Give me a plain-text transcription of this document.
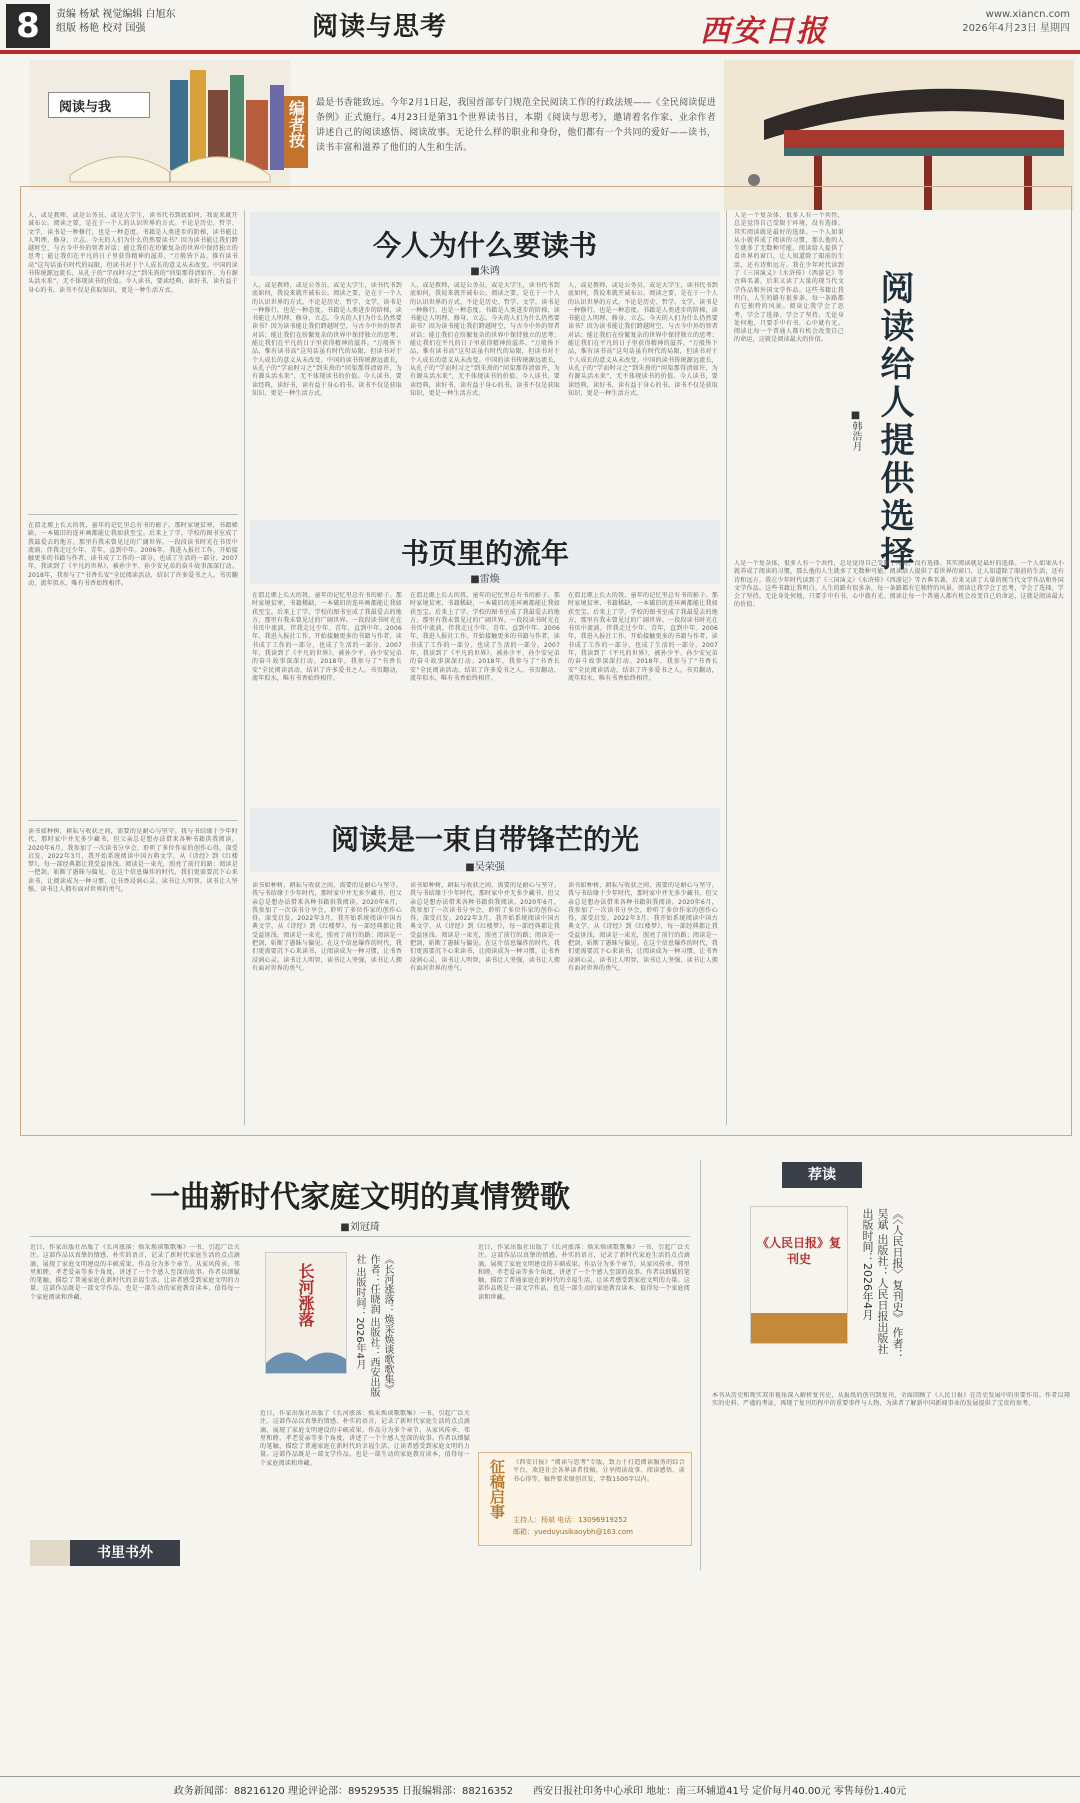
8	责编 杨斌 视觉编辑 白旭东
组版 杨艳 校对 国强	阅读与思考	西安日报	www.xiancn.com
2026年4月23日 星期四
阅读与我	编者按 最是书香能致远。今年2月1日起，我国首部专门规范全民阅读工作的行政法规——《全民阅读促进条例》正式施行。4月23日是第31个世界读书日，本期《阅读与思考》，邀请着名作家、业余作者讲述自己的阅读感悟、阅读故事。无论什么样的职业和身份，他们都有一个共同的爱好——读书，读书丰富和滋养了他们的人生和生活。
人，或是教师，或是公务员，或是大学生，读书代书到底如何，我说来就开诚布公。阅读之要，是在于一个人的认识世界的方式。不论是历史、哲学、文学，读书是一种修行，也是一种态度。书籍是人类进步的阶梯，读书能让人明理、修身、立志。今天的人们为什么仍然要读书？因为读书能让我们跨越时空，与古今中外的智者对话；能让我们在纷繁复杂的世界中保持独立的思考；能让我们在平凡的日子里获得精神的滋养。“万般皆下品，惟有读书高”这句话虽有时代的局限，但读书对于个人成长的意义从未改变。中国的读书传统源远流长，从孔子的“学而时习之”到朱熹的“问渠那得清如许，为有源头活水来”，无不体现读书的价值。今人读书，要读经典，读好书，读有益于身心的书。读书不仅是获取知识，更是一种生活方式。
在渭北塬上长大的我，童年的记忆里总有书的影子。那时家境贫寒，书籍稀缺，一本破旧的连环画都能让我如获至宝。后来上了学，学校的图书室成了我最爱去的地方，那里有我未曾见过的广阔世界。一段段读书时光在书页中流淌，伴我走过少年、青年，直到中年。2006年，我进入报社工作，开始接触更多的书籍与作者，读书成了工作的一部分，也成了生活的一部分。2007年，我读到了《平凡的世界》，被孙少平、孙少安兄弟的奋斗故事深深打动。2018年，我参与了“书香长安”全民阅读活动，结识了许多爱书之人。书页翻动，流年似水，唯有书香始终相伴。
读书如种树，耕耘与收获之间，需要的是耐心与坚守。我与书结缘于少年时代，那时家中并无多少藏书，但父亲总是想办法借来各种书籍供我阅读。2020年6月，我参加了一次读书分享会，聆听了多位作家的创作心得，深受启发。2022年3月，我开始系统阅读中国古典文学，从《诗经》到《红楼梦》，每一部经典都让我受益匪浅。阅读是一束光，照亮了前行的路；阅读是一把剑，斩断了愚昧与偏见。在这个信息爆炸的时代，我们更需要沉下心来读书，让阅读成为一种习惯，让书香浸润心灵。读书让人明智，读书让人坚强，读书让人拥有面对世界的勇气。
今人为什么要读书
■朱鸿
人，或是教师，或是公务员，或是大学生，读书代书到底如何，我说来就开诚布公。阅读之要，是在于一个人的认识世界的方式。不论是历史、哲学、文学，读书是一种修行，也是一种态度。书籍是人类进步的阶梯，读书能让人明理、修身、立志。今天的人们为什么仍然要读书？因为读书能让我们跨越时空，与古今中外的智者对话；能让我们在纷繁复杂的世界中保持独立的思考；能让我们在平凡的日子里获得精神的滋养。“万般皆下品，惟有读书高”这句话虽有时代的局限，但读书对于个人成长的意义从未改变。中国的读书传统源远流长，从孔子的“学而时习之”到朱熹的“问渠那得清如许，为有源头活水来”，无不体现读书的价值。今人读书，要读经典，读好书，读有益于身心的书。读书不仅是获取知识，更是一种生活方式。
人，或是教师，或是公务员，或是大学生，读书代书到底如何，我说来就开诚布公。阅读之要，是在于一个人的认识世界的方式。不论是历史、哲学、文学，读书是一种修行，也是一种态度。书籍是人类进步的阶梯，读书能让人明理、修身、立志。今天的人们为什么仍然要读书？因为读书能让我们跨越时空，与古今中外的智者对话；能让我们在纷繁复杂的世界中保持独立的思考；能让我们在平凡的日子里获得精神的滋养。“万般皆下品，惟有读书高”这句话虽有时代的局限，但读书对于个人成长的意义从未改变。中国的读书传统源远流长，从孔子的“学而时习之”到朱熹的“问渠那得清如许，为有源头活水来”，无不体现读书的价值。今人读书，要读经典，读好书，读有益于身心的书。读书不仅是获取知识，更是一种生活方式。
人，或是教师，或是公务员，或是大学生，读书代书到底如何，我说来就开诚布公。阅读之要，是在于一个人的认识世界的方式。不论是历史、哲学、文学，读书是一种修行，也是一种态度。书籍是人类进步的阶梯，读书能让人明理、修身、立志。今天的人们为什么仍然要读书？因为读书能让我们跨越时空，与古今中外的智者对话；能让我们在纷繁复杂的世界中保持独立的思考；能让我们在平凡的日子里获得精神的滋养。“万般皆下品，惟有读书高”这句话虽有时代的局限，但读书对于个人成长的意义从未改变。中国的读书传统源远流长，从孔子的“学而时习之”到朱熹的“问渠那得清如许，为有源头活水来”，无不体现读书的价值。今人读书，要读经典，读好书，读有益于身心的书。读书不仅是获取知识，更是一种生活方式。
书页里的流年
■雷焕
在渭北塬上长大的我，童年的记忆里总有书的影子。那时家境贫寒，书籍稀缺，一本破旧的连环画都能让我如获至宝。后来上了学，学校的图书室成了我最爱去的地方，那里有我未曾见过的广阔世界。一段段读书时光在书页中流淌，伴我走过少年、青年，直到中年。2006年，我进入报社工作，开始接触更多的书籍与作者，读书成了工作的一部分，也成了生活的一部分。2007年，我读到了《平凡的世界》，被孙少平、孙少安兄弟的奋斗故事深深打动。2018年，我参与了“书香长安”全民阅读活动，结识了许多爱书之人。书页翻动，流年似水，唯有书香始终相伴。
在渭北塬上长大的我，童年的记忆里总有书的影子。那时家境贫寒，书籍稀缺，一本破旧的连环画都能让我如获至宝。后来上了学，学校的图书室成了我最爱去的地方，那里有我未曾见过的广阔世界。一段段读书时光在书页中流淌，伴我走过少年、青年，直到中年。2006年，我进入报社工作，开始接触更多的书籍与作者，读书成了工作的一部分，也成了生活的一部分。2007年，我读到了《平凡的世界》，被孙少平、孙少安兄弟的奋斗故事深深打动。2018年，我参与了“书香长安”全民阅读活动，结识了许多爱书之人。书页翻动，流年似水，唯有书香始终相伴。
在渭北塬上长大的我，童年的记忆里总有书的影子。那时家境贫寒，书籍稀缺，一本破旧的连环画都能让我如获至宝。后来上了学，学校的图书室成了我最爱去的地方，那里有我未曾见过的广阔世界。一段段读书时光在书页中流淌，伴我走过少年、青年，直到中年。2006年，我进入报社工作，开始接触更多的书籍与作者，读书成了工作的一部分，也成了生活的一部分。2007年，我读到了《平凡的世界》，被孙少平、孙少安兄弟的奋斗故事深深打动。2018年，我参与了“书香长安”全民阅读活动，结识了许多爱书之人。书页翻动，流年似水，唯有书香始终相伴。
阅读是一束自带锋芒的光
■吴荣强
读书如种树，耕耘与收获之间，需要的是耐心与坚守。我与书结缘于少年时代，那时家中并无多少藏书，但父亲总是想办法借来各种书籍供我阅读。2020年6月，我参加了一次读书分享会，聆听了多位作家的创作心得，深受启发。2022年3月，我开始系统阅读中国古典文学，从《诗经》到《红楼梦》，每一部经典都让我受益匪浅。阅读是一束光，照亮了前行的路；阅读是一把剑，斩断了愚昧与偏见。在这个信息爆炸的时代，我们更需要沉下心来读书，让阅读成为一种习惯，让书香浸润心灵。读书让人明智，读书让人坚强，读书让人拥有面对世界的勇气。
读书如种树，耕耘与收获之间，需要的是耐心与坚守。我与书结缘于少年时代，那时家中并无多少藏书，但父亲总是想办法借来各种书籍供我阅读。2020年6月，我参加了一次读书分享会，聆听了多位作家的创作心得，深受启发。2022年3月，我开始系统阅读中国古典文学，从《诗经》到《红楼梦》，每一部经典都让我受益匪浅。阅读是一束光，照亮了前行的路；阅读是一把剑，斩断了愚昧与偏见。在这个信息爆炸的时代，我们更需要沉下心来读书，让阅读成为一种习惯，让书香浸润心灵。读书让人明智，读书让人坚强，读书让人拥有面对世界的勇气。
读书如种树，耕耘与收获之间，需要的是耐心与坚守。我与书结缘于少年时代，那时家中并无多少藏书，但父亲总是想办法借来各种书籍供我阅读。2020年6月，我参加了一次读书分享会，聆听了多位作家的创作心得，深受启发。2022年3月，我开始系统阅读中国古典文学，从《诗经》到《红楼梦》，每一部经典都让我受益匪浅。阅读是一束光，照亮了前行的路；阅读是一把剑，斩断了愚昧与偏见。在这个信息爆炸的时代，我们更需要沉下心来读书，让阅读成为一种习惯，让书香浸润心灵。读书让人明智，读书让人坚强，读书让人拥有面对世界的勇气。
人是一个复杂体，很多人有一个共性，总是觉得自己受限于环境，没有选择。其实阅读就是最好的选择。一个人如果从小就养成了阅读的习惯，那么他的人生就多了无数种可能。阅读给人提供了看世界的窗口，让人知道除了眼前的生活，还有诗和远方。我在少年时代读到了《三国演义》《水浒传》《西游记》等古典名著，后来又读了大量的现当代文学作品和外国文学作品。这些书籍让我明白，人生的路有很多条，每一条路都有它独特的风景。阅读让我学会了思考，学会了选择，学会了坚持。无论身处何地，只要手中有书，心中就有光。阅读让每一个普通人都有机会改变自己的命运，这就是阅读最大的价值。	阅读给人提供选择
■韩浩月
人是一个复杂体，很多人有一个共性，总是觉得自己受限于环境，没有选择。其实阅读就是最好的选择。一个人如果从小就养成了阅读的习惯，那么他的人生就多了无数种可能。阅读给人提供了看世界的窗口，让人知道除了眼前的生活，还有诗和远方。我在少年时代读到了《三国演义》《水浒传》《西游记》等古典名著，后来又读了大量的现当代文学作品和外国文学作品。这些书籍让我明白，人生的路有很多条，每一条路都有它独特的风景。阅读让我学会了思考，学会了选择，学会了坚持。无论身处何地，只要手中有书，心中就有光。阅读让每一个普通人都有机会改变自己的命运，这就是阅读最大的价值。
一曲新时代家庭文明的真情赞歌
■刘冠琦
近日，作家出版社出版了《长河涨落：焕采焕谈歌歌集》一书，引起广泛关注。这部作品以真挚的情感、朴实的语言，记录了新时代家庭生活的点点滴滴，展现了家庭文明建设的丰硕成果。作品分为多个章节，从家风传承、邻里和睦、孝老爱亲等多个角度，讲述了一个个感人至深的故事。作者以细腻的笔触，描绘了普通家庭在新时代的幸福生活，让读者感受到家庭文明的力量。这部作品既是一部文学作品，也是一部生动的家庭教育读本，值得每一个家庭阅读和珍藏。	长河涨落	《长河涨落：焕采焕谈歌歌集》 作者：任晓润 出版社：西安出版社 出版时间：2026年4月
近日，作家出版社出版了《长河涨落：焕采焕谈歌歌集》一书，引起广泛关注。这部作品以真挚的情感、朴实的语言，记录了新时代家庭生活的点点滴滴，展现了家庭文明建设的丰硕成果。作品分为多个章节，从家风传承、邻里和睦、孝老爱亲等多个角度，讲述了一个个感人至深的故事。作者以细腻的笔触，描绘了普通家庭在新时代的幸福生活，让读者感受到家庭文明的力量。这部作品既是一部文学作品，也是一部生动的家庭教育读本，值得每一个家庭阅读和珍藏。
近日，作家出版社出版了《长河涨落：焕采焕谈歌歌集》一书，引起广泛关注。这部作品以真挚的情感、朴实的语言，记录了新时代家庭生活的点点滴滴，展现了家庭文明建设的丰硕成果。作品分为多个章节，从家风传承、邻里和睦、孝老爱亲等多个角度，讲述了一个个感人至深的故事。作者以细腻的笔触，描绘了普通家庭在新时代的幸福生活，让读者感受到家庭文明的力量。这部作品既是一部文学作品，也是一部生动的家庭教育读本，值得每一个家庭阅读和珍藏。
征稿启事	《西安日报》“阅读与思考”专版，致力于打造阅读服务的综合平台，欢迎社会各界读者投稿，分享阅读故事、阅读感悟、读书心得等。稿件要求原创首发，字数1500字以内。
主持人：杨斌 电话：13096919252
邮箱：yueduyusikaoybh@163.com
书里书外
荐读
《人民日报》复刊史	《〈人民日报〉复刊史》 作者：吴斌 出版社：人民日报出版社 出版时间：2026年4月
本书从历史和现实双重视角深入解析复刊史，从报纸的创刊到复刊，全面回顾了《人民日报》在历史发展中的重要作用。作者以翔实的史料、严谨的考证，再现了复刊历程中的重要事件与人物，为读者了解新中国新闻事业的发展提供了宝贵的参考。
政务新闻部：88216120 理论评论部：89529535 日报编辑部：88216352　　西安日报社印务中心承印 地址：南三环辅道41号 定价每月40.00元 零售每份1.40元
